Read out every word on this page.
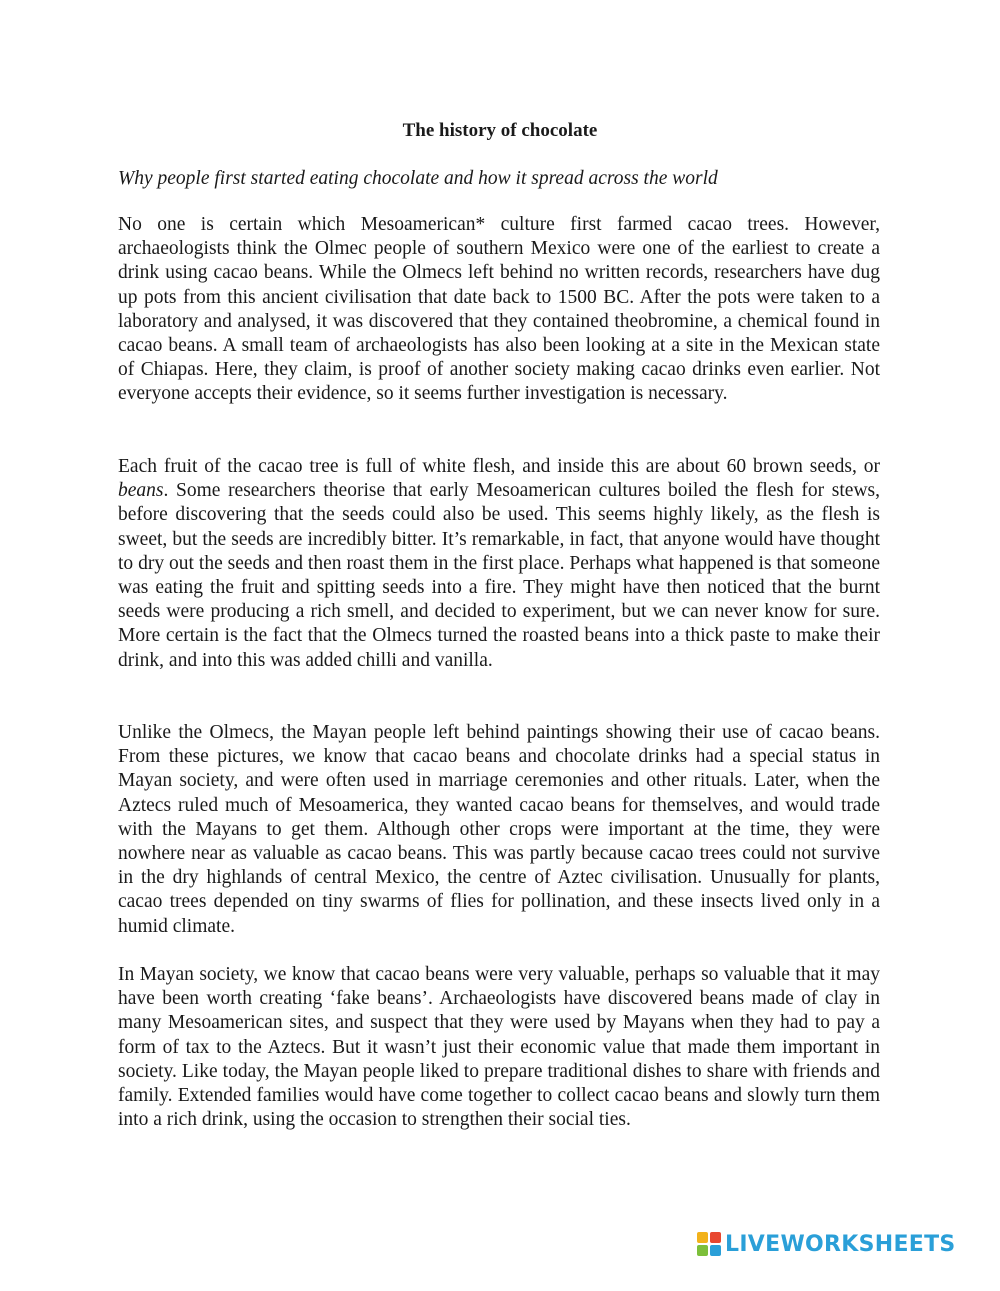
The history of chocolate

Why people first started eating chocolate and how it spread across the world

No one is certain which Mesoamerican* culture first farmed cacao trees. However, archaeologists think the Olmec people of southern Mexico were one of the earliest to create a drink using cacao beans. While the Olmecs left behind no written records, researchers have dug up pots from this ancient civilisation that date back to 1500 BC. After the pots were taken to a laboratory and analysed, it was discovered that they contained theobromine, a chemical found in cacao beans. A small team of archaeologists has also been looking at a site in the Mexican state of Chiapas. Here, they claim, is proof of another society making cacao drinks even earlier. Not everyone accepts their evidence, so it seems further investigation is necessary.

Each fruit of the cacao tree is full of white flesh, and inside this are about 60 brown seeds, or beans. Some researchers theorise that early Mesoamerican cultures boiled the flesh for stews, before discovering that the seeds could also be used. This seems highly likely, as the flesh is sweet, but the seeds are incredibly bitter. It’s remarkable, in fact, that anyone would have thought to dry out the seeds and then roast them in the first place. Perhaps what happened is that someone was eating the fruit and spitting seeds into a fire. They might have then noticed that the burnt seeds were producing a rich smell, and decided to experiment, but we can never know for sure. More certain is the fact that the Olmecs turned the roasted beans into a thick paste to make their drink, and into this was added chilli and vanilla.

Unlike the Olmecs, the Mayan people left behind paintings showing their use of cacao beans. From these pictures, we know that cacao beans and chocolate drinks had a special status in Mayan society, and were often used in marriage ceremonies and other rituals. Later, when the Aztecs ruled much of Mesoamerica, they wanted cacao beans for themselves, and would trade with the Mayans to get them. Although other crops were important at the time, they were nowhere near as valuable as cacao beans. This was partly because cacao trees could not survive in the dry highlands of central Mexico, the centre of Aztec civilisation. Unusually for plants, cacao trees depended on tiny swarms of flies for pollination, and these insects lived only in a humid climate.

In Mayan society, we know that cacao beans were very valuable, perhaps so valuable that it may have been worth creating ‘fake beans’. Archaeologists have discovered beans made of clay in many Mesoamerican sites, and suspect that they were used by Mayans when they had to pay a form of tax to the Aztecs. But it wasn’t just their economic value that made them important in society. Like today, the Mayan people liked to prepare traditional dishes to share with friends and family. Extended families would have come together to collect cacao beans and slowly turn them into a rich drink, using the occasion to strengthen their social ties.

LIVEWORKSHEETS
